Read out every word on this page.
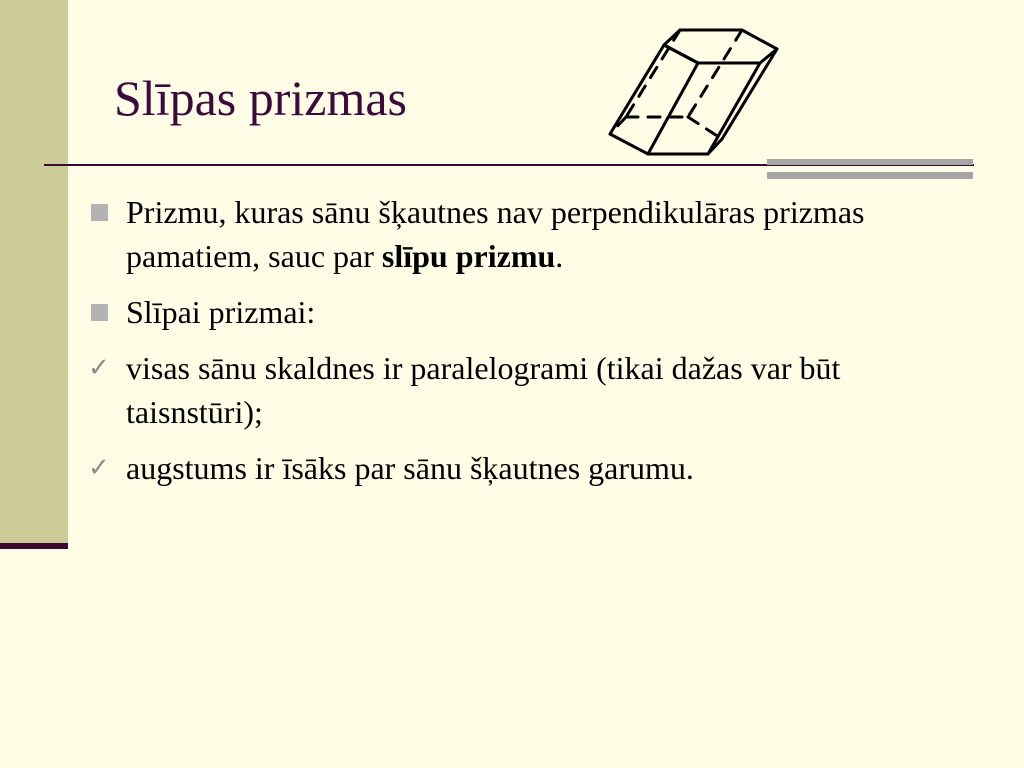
Slīpas prizmas
Prizmu, kuras sānu šķautnes nav perpendikulāras prizmas pamatiem, sauc par slīpu prizmu.
Slīpai prizmai:
✓ visas sānu skaldnes ir paralelogrami (tikai dažas var būt taisnstūri);
✓ augstums ir īsāks par sānu šķautnes garumu.
